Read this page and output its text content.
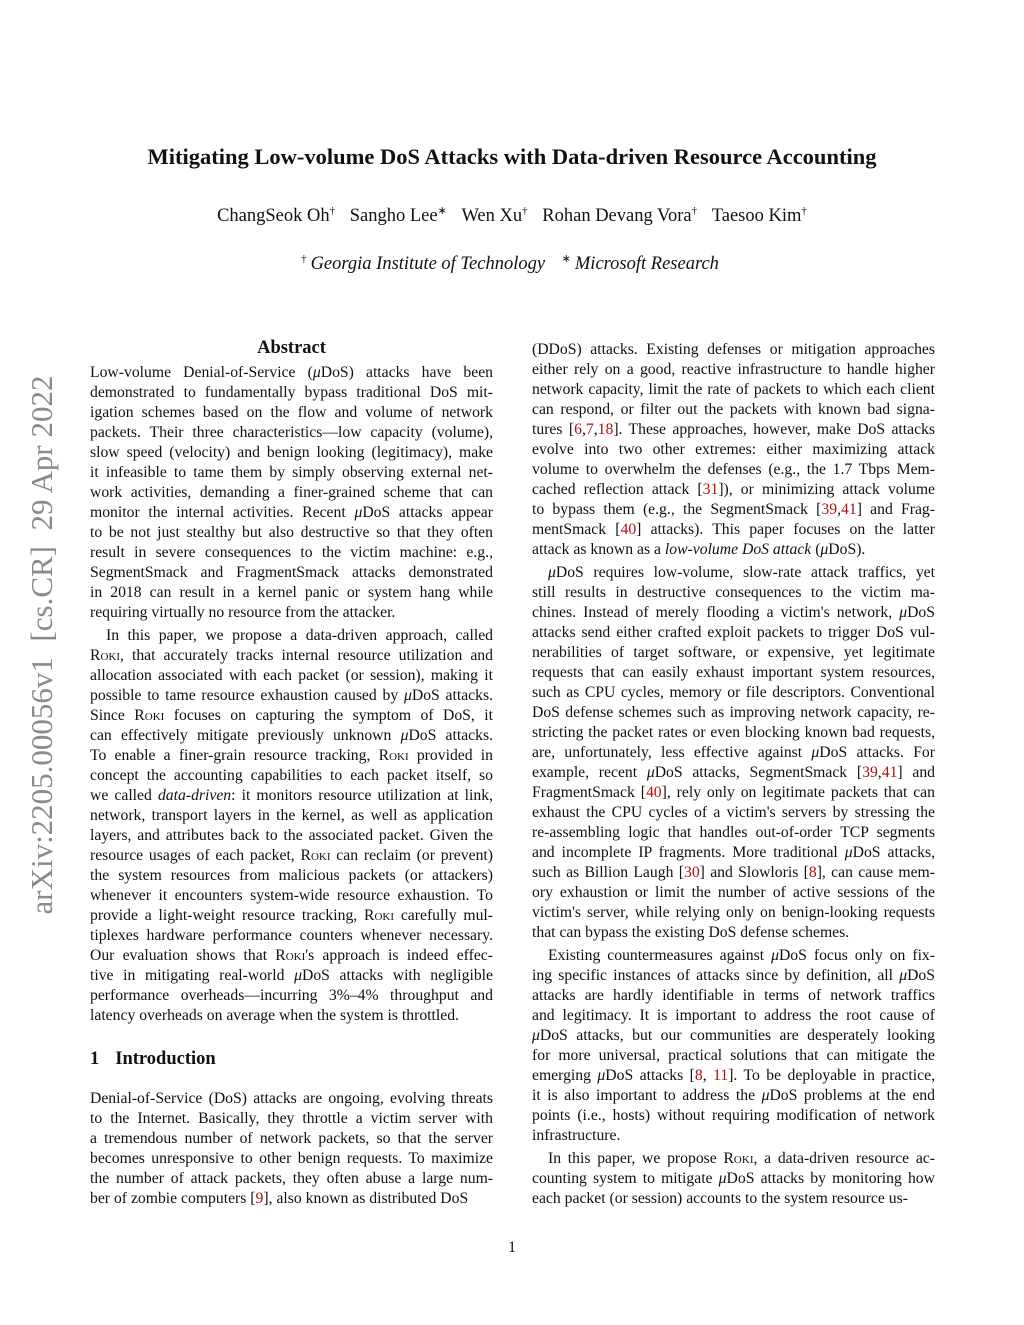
arXiv:2205.00056v1  [cs.CR]  29 Apr 2022
Mitigating Low-volume DoS Attacks with Data-driven Resource Accounting
ChangSeok Oh† Sangho Lee∗ Wen Xu† Rohan Devang Vora† Taesoo Kim†
† Georgia Institute of Technology ∗ Microsoft Research
Abstract
Low-volume Denial-of-Service (μDoS) attacks have been
demonstrated to fundamentally bypass traditional DoS mit-
igation schemes based on the flow and volume of network
packets. Their three characteristics—low capacity (volume),
slow speed (velocity) and benign looking (legitimacy), make
it infeasible to tame them by simply observing external net-
work activities, demanding a finer-grained scheme that can
monitor the internal activities. Recent μDoS attacks appear
to be not just stealthy but also destructive so that they often
result in severe consequences to the victim machine: e.g.,
SegmentSmack and FragmentSmack attacks demonstrated
in 2018 can result in a kernel panic or system hang while
requiring virtually no resource from the attacker.
In this paper, we propose a data-driven approach, called
Roki, that accurately tracks internal resource utilization and
allocation associated with each packet (or session), making it
possible to tame resource exhaustion caused by μDoS attacks.
Since Roki focuses on capturing the symptom of DoS, it
can effectively mitigate previously unknown μDoS attacks.
To enable a finer-grain resource tracking, Roki provided in
concept the accounting capabilities to each packet itself, so
we called data-driven: it monitors resource utilization at link,
network, transport layers in the kernel, as well as application
layers, and attributes back to the associated packet. Given the
resource usages of each packet, Roki can reclaim (or prevent)
the system resources from malicious packets (or attackers)
whenever it encounters system-wide resource exhaustion. To
provide a light-weight resource tracking, Roki carefully mul-
tiplexes hardware performance counters whenever necessary.
Our evaluation shows that Roki's approach is indeed effec-
tive in mitigating real-world μDoS attacks with negligible
performance overheads—incurring 3%–4% throughput and
latency overheads on average when the system is throttled.
1 Introduction
Denial-of-Service (DoS) attacks are ongoing, evolving threats
to the Internet. Basically, they throttle a victim server with
a tremendous number of network packets, so that the server
becomes unresponsive to other benign requests. To maximize
the number of attack packets, they often abuse a large num-
ber of zombie computers [9], also known as distributed DoS
(DDoS) attacks. Existing defenses or mitigation approaches
either rely on a good, reactive infrastructure to handle higher
network capacity, limit the rate of packets to which each client
can respond, or filter out the packets with known bad signa-
tures [6,7,18]. These approaches, however, make DoS attacks
evolve into two other extremes: either maximizing attack
volume to overwhelm the defenses (e.g., the 1.7 Tbps Mem-
cached reflection attack [31]), or minimizing attack volume
to bypass them (e.g., the SegmentSmack [39,41] and Frag-
mentSmack [40] attacks). This paper focuses on the latter
attack as known as a low-volume DoS attack (μDoS).
μDoS requires low-volume, slow-rate attack traffics, yet
still results in destructive consequences to the victim ma-
chines. Instead of merely flooding a victim's network, μDoS
attacks send either crafted exploit packets to trigger DoS vul-
nerabilities of target software, or expensive, yet legitimate
requests that can easily exhaust important system resources,
such as CPU cycles, memory or file descriptors. Conventional
DoS defense schemes such as improving network capacity, re-
stricting the packet rates or even blocking known bad requests,
are, unfortunately, less effective against μDoS attacks. For
example, recent μDoS attacks, SegmentSmack [39,41] and
FragmentSmack [40], rely only on legitimate packets that can
exhaust the CPU cycles of a victim's servers by stressing the
re-assembling logic that handles out-of-order TCP segments
and incomplete IP fragments. More traditional μDoS attacks,
such as Billion Laugh [30] and Slowloris [8], can cause mem-
ory exhaustion or limit the number of active sessions of the
victim's server, while relying only on benign-looking requests
that can bypass the existing DoS defense schemes.
Existing countermeasures against μDoS focus only on fix-
ing specific instances of attacks since by definition, all μDoS
attacks are hardly identifiable in terms of network traffics
and legitimacy. It is important to address the root cause of
μDoS attacks, but our communities are desperately looking
for more universal, practical solutions that can mitigate the
emerging μDoS attacks [8, 11]. To be deployable in practice,
it is also important to address the μDoS problems at the end
points (i.e., hosts) without requiring modification of network
infrastructure.
In this paper, we propose Roki, a data-driven resource ac-
counting system to mitigate μDoS attacks by monitoring how
each packet (or session) accounts to the system resource us-
1
